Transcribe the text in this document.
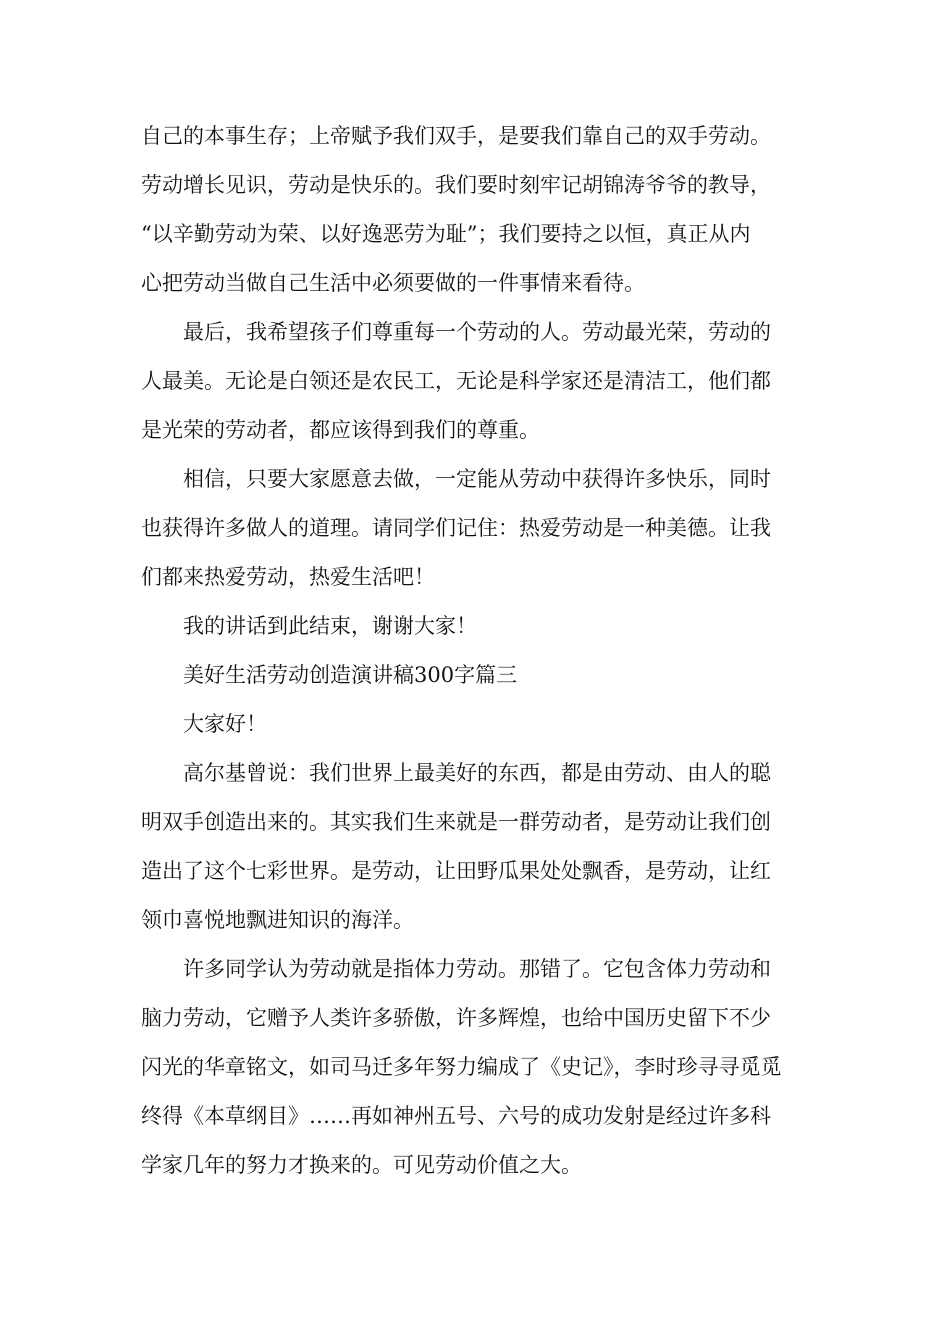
自己的本事生存；上帝赋予我们双手，是要我们靠自己的双手劳动。
劳动增长见识，劳动是快乐的。我们要时刻牢记胡锦涛爷爷的教导，
“以辛勤劳动为荣、以好逸恶劳为耻”；我们要持之以恒，真正从内
心把劳动当做自己生活中必须要做的一件事情来看待。
最后，我希望孩子们尊重每一个劳动的人。劳动最光荣，劳动的
人最美。无论是白领还是农民工，无论是科学家还是清洁工，他们都
是光荣的劳动者，都应该得到我们的尊重。
相信，只要大家愿意去做，一定能从劳动中获得许多快乐，同时
也获得许多做人的道理。请同学们记住：热爱劳动是一种美德。让我
们都来热爱劳动，热爱生活吧！
我的讲话到此结束，谢谢大家！
美好生活劳动创造演讲稿300字篇三
大家好！
高尔基曾说：我们世界上最美好的东西，都是由劳动、由人的聪
明双手创造出来的。其实我们生来就是一群劳动者，是劳动让我们创
造出了这个七彩世界。是劳动，让田野瓜果处处飘香，是劳动，让红
领巾喜悦地飘进知识的海洋。
许多同学认为劳动就是指体力劳动。那错了。它包含体力劳动和
脑力劳动，它赠予人类许多骄傲，许多辉煌，也给中国历史留下不少
闪光的华章铭文，如司马迁多年努力编成了《史记》，李时珍寻寻觅觅
终得《本草纲目》……再如神州五号、六号的成功发射是经过许多科
学家几年的努力才换来的。可见劳动价值之大。
